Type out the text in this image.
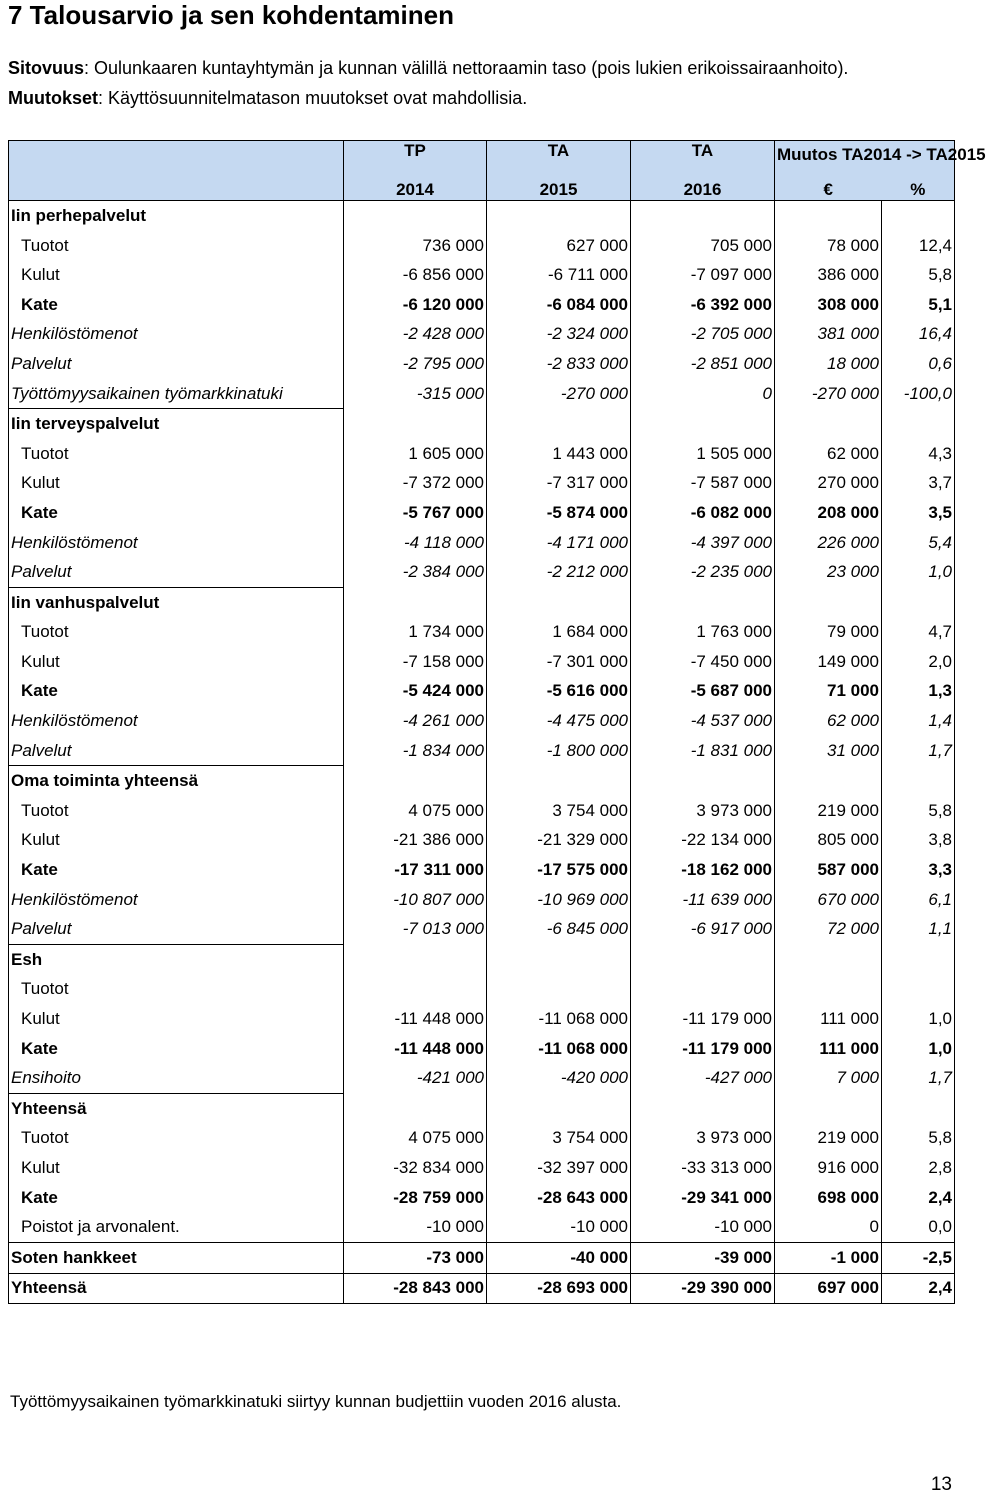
7 Talousarvio ja sen kohdentaminen
Sitovuus: Oulunkaaren kuntayhtymän ja kunnan välillä nettoraamin taso (pois lukien erikoissairaanhoito).
Muutokset: Käyttösuunnitelmatason muutokset ovat mahdollisia.
	TP	TA	TA	Muutos TA2014 -> TA2015	
	2014	2015	2016	€	%
Iin perhepalvelut					
Tuotot	736 000	627 000	705 000	78 000	12,4
Kulut	-6 856 000	-6 711 000	-7 097 000	386 000	5,8
Kate	-6 120 000	-6 084 000	-6 392 000	308 000	5,1
Henkilöstömenot	-2 428 000	-2 324 000	-2 705 000	381 000	16,4
Palvelut	-2 795 000	-2 833 000	-2 851 000	18 000	0,6
Työttömyysaikainen työmarkkinatuki	-315 000	-270 000	0	-270 000	-100,0
Iin terveyspalvelut					
Tuotot	1 605 000	1 443 000	1 505 000	62 000	4,3
Kulut	-7 372 000	-7 317 000	-7 587 000	270 000	3,7
Kate	-5 767 000	-5 874 000	-6 082 000	208 000	3,5
Henkilöstömenot	-4 118 000	-4 171 000	-4 397 000	226 000	5,4
Palvelut	-2 384 000	-2 212 000	-2 235 000	23 000	1,0
Iin vanhuspalvelut					
Tuotot	1 734 000	1 684 000	1 763 000	79 000	4,7
Kulut	-7 158 000	-7 301 000	-7 450 000	149 000	2,0
Kate	-5 424 000	-5 616 000	-5 687 000	71 000	1,3
Henkilöstömenot	-4 261 000	-4 475 000	-4 537 000	62 000	1,4
Palvelut	-1 834 000	-1 800 000	-1 831 000	31 000	1,7
Oma toiminta yhteensä					
Tuotot	4 075 000	3 754 000	3 973 000	219 000	5,8
Kulut	-21 386 000	-21 329 000	-22 134 000	805 000	3,8
Kate	-17 311 000	-17 575 000	-18 162 000	587 000	3,3
Henkilöstömenot	-10 807 000	-10 969 000	-11 639 000	670 000	6,1
Palvelut	-7 013 000	-6 845 000	-6 917 000	72 000	1,1
Esh					
Tuotot					
Kulut	-11 448 000	-11 068 000	-11 179 000	111 000	1,0
Kate	-11 448 000	-11 068 000	-11 179 000	111 000	1,0
Ensihoito	-421 000	-420 000	-427 000	7 000	1,7
Yhteensä					
Tuotot	4 075 000	3 754 000	3 973 000	219 000	5,8
Kulut	-32 834 000	-32 397 000	-33 313 000	916 000	2,8
Kate	-28 759 000	-28 643 000	-29 341 000	698 000	2,4
Poistot ja arvonalent.	-10 000	-10 000	-10 000	0	0,0
Soten hankkeet	-73 000	-40 000	-39 000	-1 000	-2,5
Yhteensä	-28 843 000	-28 693 000	-29 390 000	697 000	2,4
Työttömyysaikainen työmarkkinatuki siirtyy kunnan budjettiin vuoden 2016 alusta.
13
